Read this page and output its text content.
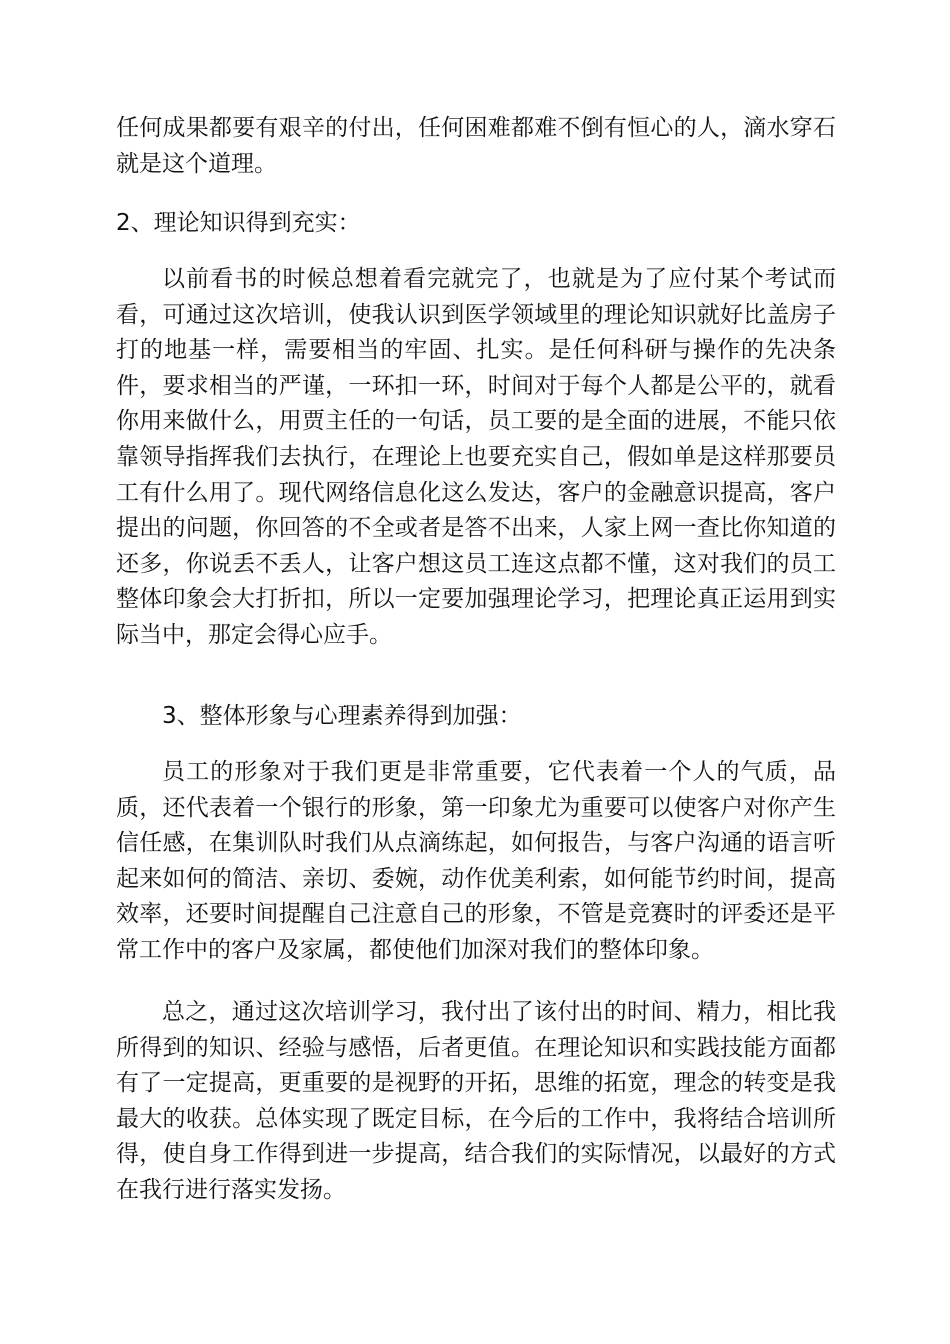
任何成果都要有艰辛的付出，任何困难都难不倒有恒心的人，滴水穿石就是这个道理。

2、理论知识得到充实：

以前看书的时候总想着看完就完了，也就是为了应付某个考试而看，可通过这次培训，使我认识到医学领域里的理论知识就好比盖房子打的地基一样，需要相当的牢固、扎实。是任何科研与操作的先决条件，要求相当的严谨，一环扣一环，时间对于每个人都是公平的，就看你用来做什么，用贾主任的一句话，员工要的是全面的进展，不能只依靠领导指挥我们去执行，在理论上也要充实自己，假如单是这样那要员工有什么用了。现代网络信息化这么发达，客户的金融意识提高，客户提出的问题，你回答的不全或者是答不出来，人家上网一查比你知道的还多，你说丢不丢人，让客户想这员工连这点都不懂，这对我们的员工整体印象会大打折扣，所以一定要加强理论学习，把理论真正运用到实际当中，那定会得心应手。

3、整体形象与心理素养得到加强：

员工的形象对于我们更是非常重要，它代表着一个人的气质，品质，还代表着一个银行的形象，第一印象尤为重要可以使客户对你产生信任感，在集训队时我们从点滴练起，如何报告，与客户沟通的语言听起来如何的简洁、亲切、委婉，动作优美利索，如何能节约时间，提高效率，还要时间提醒自己注意自己的形象，不管是竞赛时的评委还是平常工作中的客户及家属，都使他们加深对我们的整体印象。

总之，通过这次培训学习，我付出了该付出的时间、精力，相比我所得到的知识、经验与感悟，后者更值。在理论知识和实践技能方面都有了一定提高，更重要的是视野的开拓，思维的拓宽，理念的转变是我最大的收获。总体实现了既定目标，在今后的工作中，我将结合培训所得，使自身工作得到进一步提高，结合我们的实际情况，以最好的方式在我行进行落实发扬。
